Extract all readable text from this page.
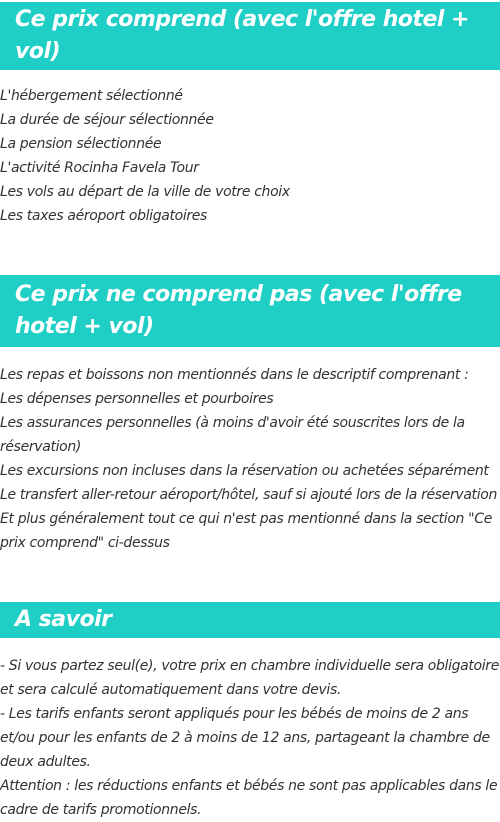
Ce prix comprend (avec l'offre hotel + vol)
L'hébergement sélectionné
La durée de séjour sélectionnée
La pension sélectionnée
L'activité Rocinha Favela Tour
Les vols au départ de la ville de votre choix
Les taxes aéroport obligatoires
Ce prix ne comprend pas (avec l'offre hotel + vol)
Les repas et boissons non mentionnés dans le descriptif comprenant :
Les dépenses personnelles et pourboires
Les assurances personnelles (à moins d'avoir été souscrites lors de la réservation)
Les excursions non incluses dans la réservation ou achetées séparément
Le transfert aller-retour aéroport/hôtel, sauf si ajouté lors de la réservation
Et plus généralement tout ce qui n'est pas mentionné dans la section "Ce prix comprend" ci-dessus
A savoir
- Si vous partez seul(e), votre prix en chambre individuelle sera obligatoire et sera calculé automatiquement dans votre devis.
- Les tarifs enfants seront appliqués pour les bébés de moins de 2 ans et/ou pour les enfants de 2 à moins de 12 ans, partageant la chambre de deux adultes.
Attention : les réductions enfants et bébés ne sont pas applicables dans le cadre de tarifs promotionnels.
